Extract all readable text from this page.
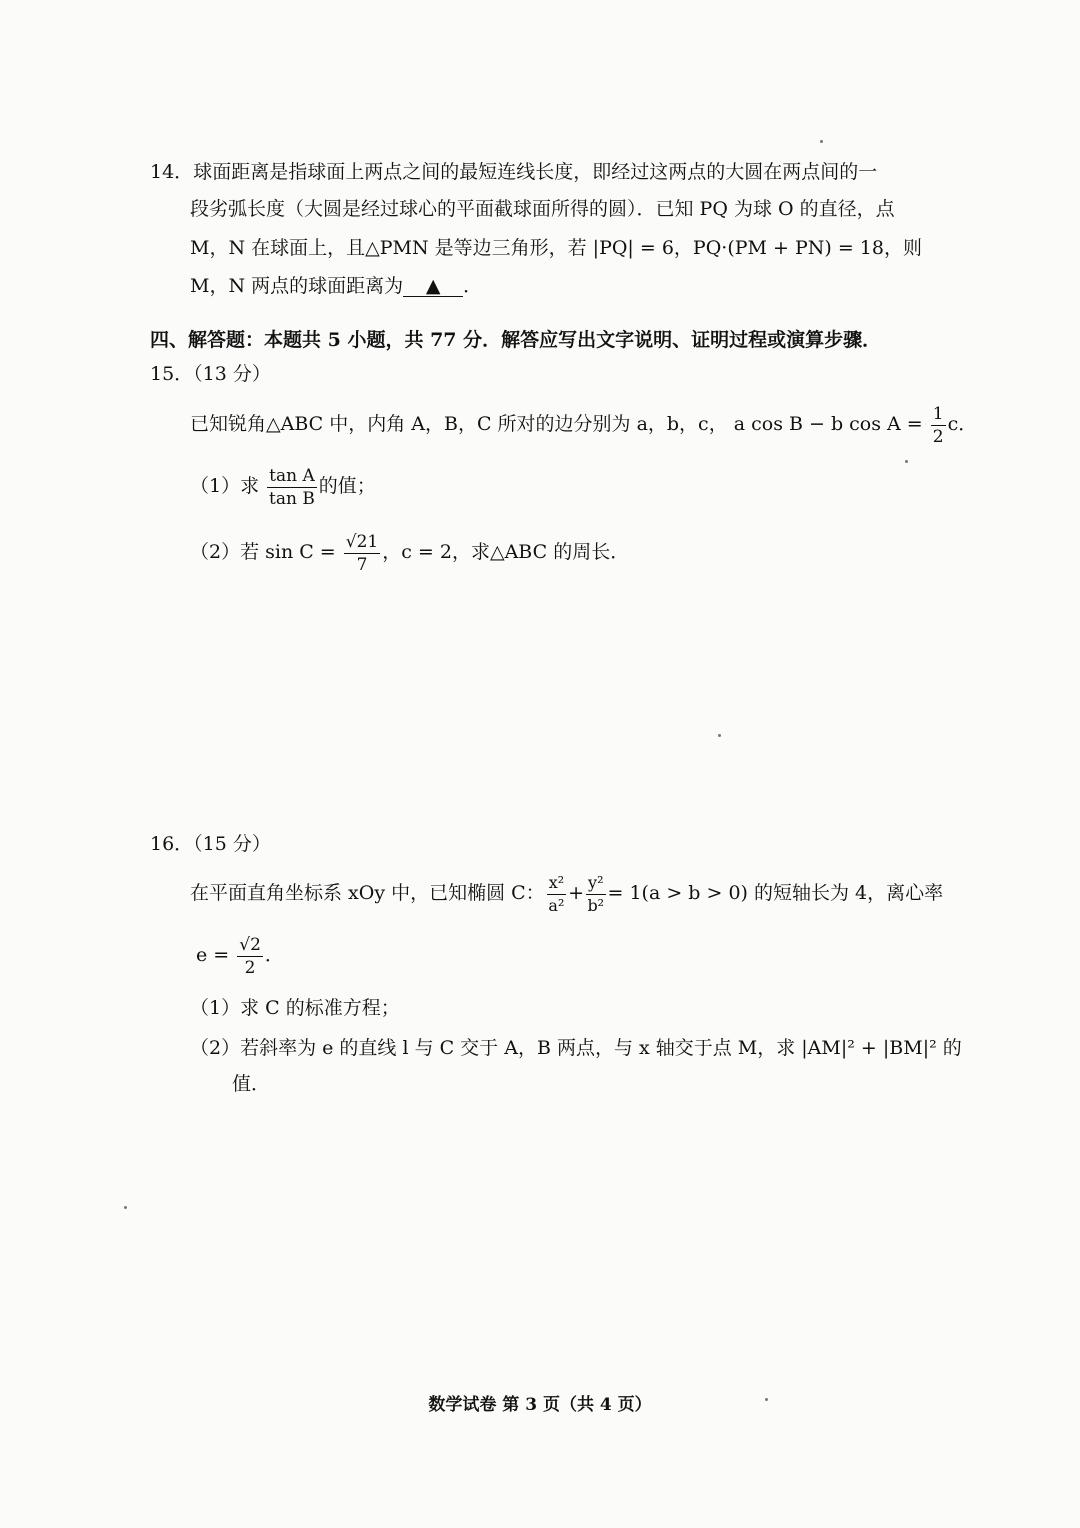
14．球面距离是指球面上两点之间的最短连线长度，即经过这两点的大圆在两点间的一
段劣弧长度（大圆是经过球心的平面截球面所得的圆）．已知 PQ 为球 O 的直径，点
M，N 在球面上，且△PMN 是等边三角形，若 |PQ| = 6，PQ·(PM + PN) = 18，则
M，N 两点的球面距离为 ▲ ．
四、解答题：本题共 5 小题，共 77 分．解答应写出文字说明、证明过程或演算步骤．
15．（13 分）
已知锐角△ABC 中，内角 A，B，C 所对的边分别为 a，b，c， a cos B − b $\cos A = \frac{1}{2}$ c．
（1）求 $\frac{\text{tan A}}{\text{tan B}}$ 的值；
（2）若 $\sin C = \frac{√21}{7}$ ，c = 2，求△ABC 的周长．
16．（15 分）
在平面直角坐标系 xOy 中，已知椭圆 C： $\frac{\text{x²}}{\text{a²}} + \frac{\text{y²}}{\text{b²}} = 1(a > b > 0)$ 的短轴长为 4，离心率
$e = \frac{√2}{2}$ ．
（1）求 C 的标准方程；
（2）若斜率为 e 的直线 l 与 C 交于 A，B 两点，与 x 轴交于点 M，求 |AM|² + |BM|² 的
值．
数学试卷 第 3 页（共 4 页）
